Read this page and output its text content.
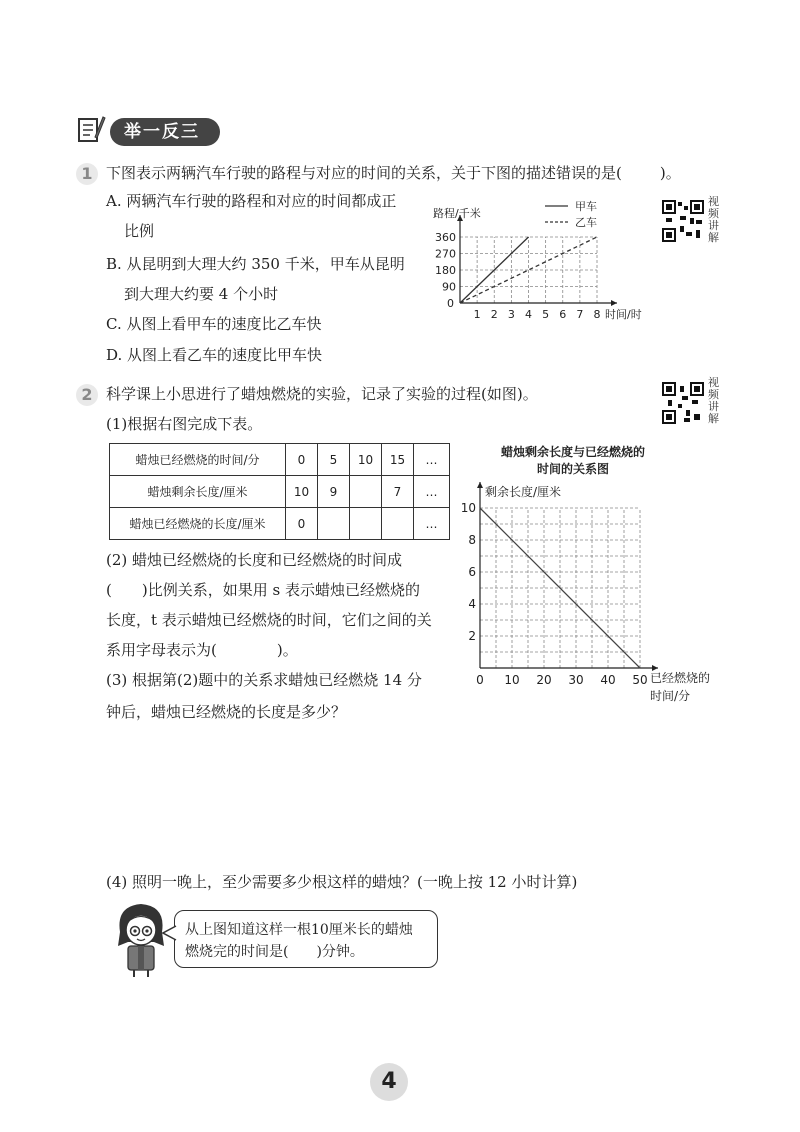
举一反三
1 下图表示两辆汽车行驶的路程与对应的时间的关系，关于下图的描述错误的是(	)。
A. 两辆汽车行驶的路程和对应的时间都成正
比例
B. 从昆明到大理大约 350 千米，甲车从昆明
到大理大约要 4 个小时
C. 从图上看甲车的速度比乙车快
D. 从图上看乙车的速度比甲车快
视频讲解
1 2 3 4 5 6 7 8
90
180
270
360
0
路程/千米
时间/时
甲车
乙车
2 科学课上小思进行了蜡烛燃烧的实验，记录了实验的过程(如图)。
视频讲解
(1)根据右图完成下表。
蜡烛已经燃烧的时间/分	0	5	10	15	…
蜡烛剩余长度/厘米	10	9		7	…
蜡烛已经燃烧的长度/厘米	0				…
(2) 蜡烛已经燃烧的长度和已经燃烧的时间成
(　　)比例关系，如果用 s 表示蜡烛已经燃烧的
长度，t 表示蜡烛已经燃烧的时间，它们之间的关
系用字母表示为(　　　　)。
(3) 根据第(2)题中的关系求蜡烛已经燃烧 14 分
钟后，蜡烛已经燃烧的长度是多少？
蜡烛剩余长度与已经燃烧的
时间的关系图
0 10 20 30 40 50
2
4
6
8
10
剩余长度/厘米
已经燃烧的
时间/分
(4) 照明一晚上，至少需要多少根这样的蜡烛？(一晚上按 12 小时计算)
从上图知道这样一根10厘米长的蜡烛
燃烧完的时间是(　　)分钟。
4
